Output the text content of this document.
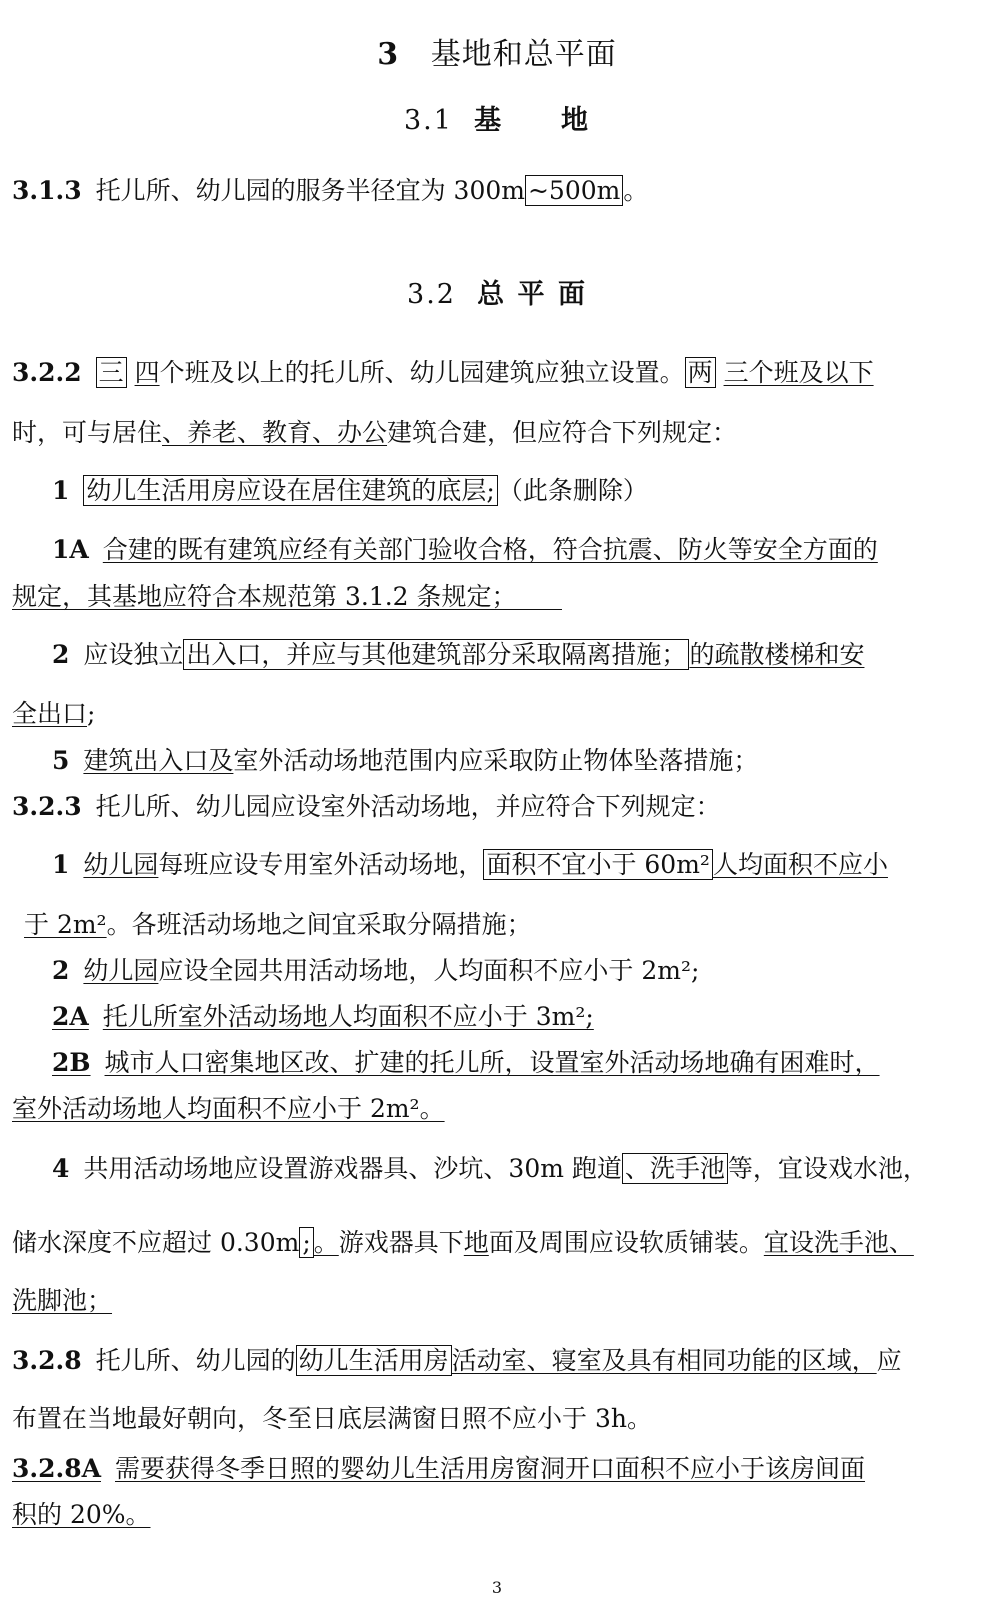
3 基地和总平面
3.1 基　　地
3.1.3 托儿所、幼儿园的服务半径宜为 300m ~500m 。
3.2 总 平 面
3.2.2 三 四个班及以上的托儿所、幼儿园建筑应独立设置。 两 三个班及以下
时，可与居住、养老、教育、办公建筑合建，但应符合下列规定：
1 幼儿生活用房应设在居住建筑的底层; （此条删除）
1A 合建的既有建筑应经有关部门验收合格，符合抗震、防火等安全方面的
规定，其基地应符合本规范第 3.1.2 条规定；
2 应设独立 出入口，并应与其他建筑部分采取隔离措施； 的疏散楼梯和安
全出口;
5 建筑出入口及室外活动场地范围内应采取防止物体坠落措施；
3.2.3 托儿所、幼儿园应设室外活动场地，并应符合下列规定：
1 幼儿园每班应设专用室外活动场地， 面积不宜小于 60m² 人均面积不应小
于 2m²。各班活动场地之间宜采取分隔措施；
2 幼儿园应设全园共用活动场地，人均面积不应小于 2m²;
2A 托儿所室外活动场地人均面积不应小于 3m²;
2B 城市人口密集地区改、扩建的托儿所，设置室外活动场地确有困难时，
室外活动场地人均面积不应小于 2m²。
4 共用活动场地应设置游戏器具、沙坑、30m 跑道 、洗手池 等，宜设戏水池，
储水深度不应超过 0.30m ; 。游戏器具下地面及周围应设软质铺装。宜设洗手池、
洗脚池；
3.2.8 托儿所、幼儿园的 幼儿生活用房 活动室、寝室及具有相同功能的区域，应
布置在当地最好朝向，冬至日底层满窗日照不应小于 3h。
3.2.8A 需要获得冬季日照的婴幼儿生活用房窗洞开口面积不应小于该房间面
积的 20%。
3
